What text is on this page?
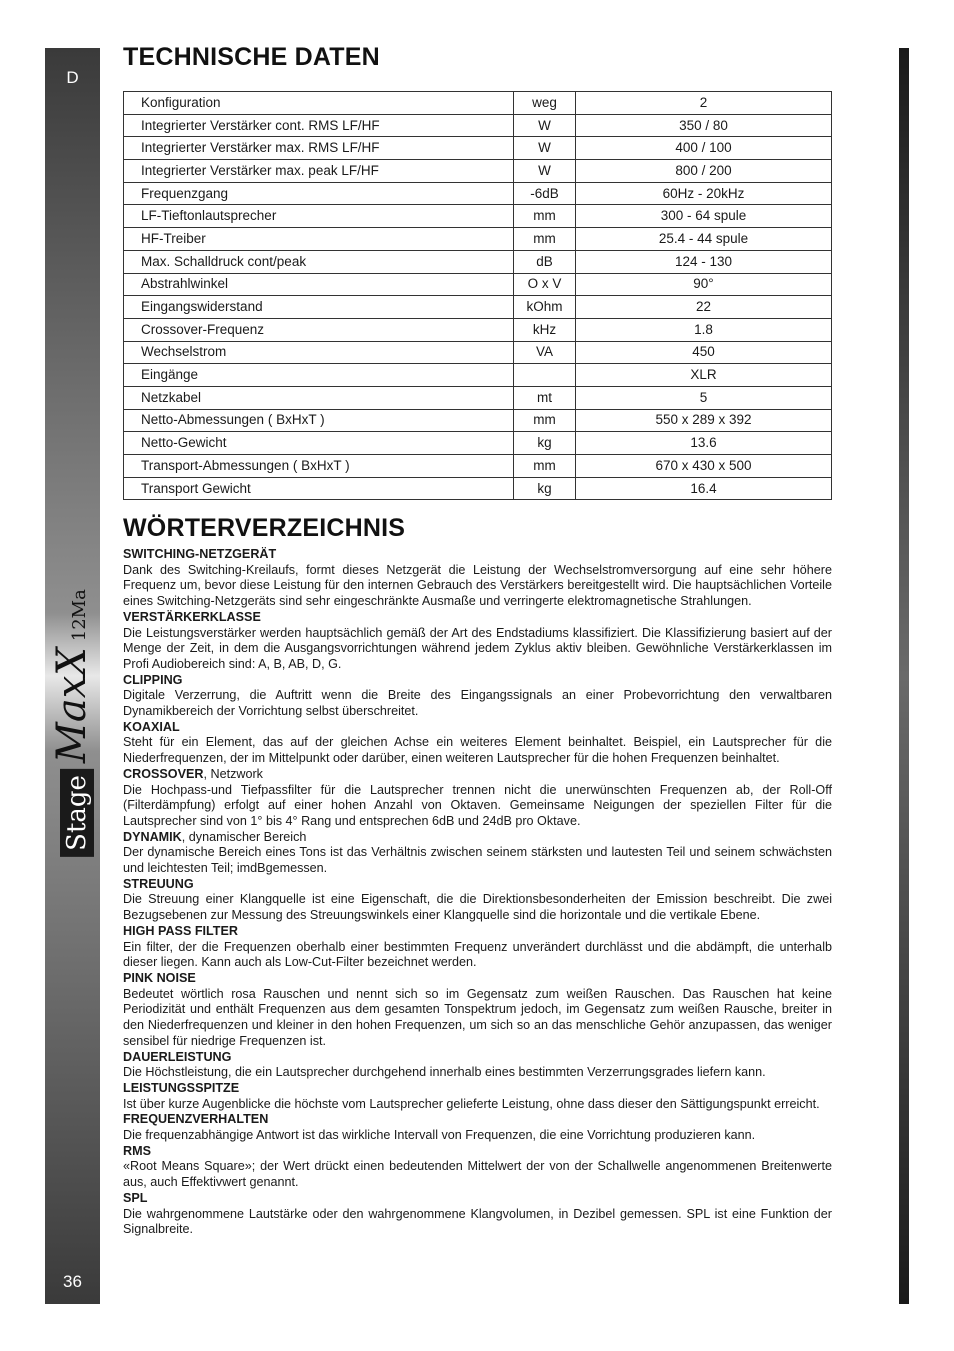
D
Stage
MaxX
12Ma
36
TECHNISCHE DATEN
Konfiguration	weg	2
Integrierter Verstärker cont. RMS LF/HF	W	350 / 80
Integrierter Verstärker max. RMS LF/HF	W	400 / 100
Integrierter Verstärker max. peak LF/HF	W	800 / 200
Frequenzgang	-6dB	60Hz - 20kHz
LF-Tieftonlautsprecher	mm	300 - 64 spule
HF-Treiber	mm	25.4 - 44 spule
Max. Schalldruck cont/peak	dB	124 - 130
Abstrahlwinkel	O x V	90°
Eingangswiderstand	kOhm	22
Crossover-Frequenz	kHz	1.8
Wechselstrom	VA	450
Eingänge		XLR
Netzkabel	mt	5
Netto-Abmessungen ( BxHxT )	mm	550 x 289 x 392
Netto-Gewicht	kg	13.6
Transport-Abmessungen ( BxHxT )	mm	670 x 430 x 500
Transport Gewicht	kg	16.4
WÖRTERVERZEICHNIS
SWITCHING-NETZGERÄT

Dank des Switching-Kreilaufs, formt dieses Netzgerät die Leistung der Wechselstromversorgung auf eine sehr höhere Frequenz um, bevor diese Leistung für den internen Gebrauch des Verstärkers bereitgestellt wird. Die hauptsächlichen Vorteile eines Switching-Netzgeräts sind sehr eingeschränkte Ausmaße und verringerte elektromagnetische Strahlungen.

VERSTÄRKERKLASSE

Die Leistungsverstärker werden hauptsächlich gemäß der Art des Endstadiums klassifiziert. Die Klassifizierung basiert auf der Menge der Zeit, in dem die Ausgangsvorrichtungen während jedem Zyklus aktiv bleiben. Gewöhnliche Verstärkerklassen im Profi Audiobereich sind: A, B, AB, D, G.

CLIPPING

Digitale Verzerrung, die Auftritt wenn die Breite des Eingangssignals an einer Probevorrichtung den verwaltbaren Dynamikbereich der Vorrichtung selbst überschreitet.

KOAXIAL

Steht für ein Element, das auf der gleichen Achse ein weiteres Element beinhaltet. Beispiel, ein Lautsprecher für die Niederfrequenzen, der im Mittelpunkt oder darüber, einen weiteren Lautsprecher für die hohen Frequenzen beinhaltet.

CROSSOVER, Netzwork

Die Hochpass-und Tiefpassfilter für die Lautsprecher trennen nicht die unerwünschten Frequenzen ab, der Roll-Off (Filterdämpfung) erfolgt auf einer hohen Anzahl von Oktaven. Gemeinsame Neigungen der speziellen Filter für die Lautsprecher sind von 1° bis 4° Rang und entsprechen 6dB und 24dB pro Oktave.

DYNAMIK, dynamischer Bereich

Der dynamische Bereich eines Tons ist das Verhältnis zwischen seinem stärksten und lautesten Teil und seinem schwächsten und leichtesten Teil; imdBgemessen.

STREUUNG

Die Streuung einer Klangquelle ist eine Eigenschaft, die die Direktionsbesonderheiten der Emission beschreibt. Die zwei Bezugsebenen zur Messung des Streuungswinkels einer Klangquelle sind die horizontale und die vertikale Ebene.

HIGH PASS FILTER

Ein filter, der die Frequenzen oberhalb einer bestimmten Frequenz unverändert durchlässt und die abdämpft, die unterhalb dieser liegen. Kann auch als Low-Cut-Filter bezeichnet werden.

PINK NOISE

Bedeutet wörtlich rosa Rauschen und nennt sich so im Gegensatz zum weißen Rauschen. Das Rauschen hat keine Periodizität und enthält Frequenzen aus dem gesamten Tonspektrum jedoch, im Gegensatz zum weißen Rausche, breiter in den Niederfrequenzen und kleiner in den hohen Frequenzen, um sich so an das menschliche Gehör anzupassen, das weniger sensibel für niedrige Frequenzen ist.

DAUERLEISTUNG

Die Höchstleistung, die ein Lautsprecher durchgehend innerhalb eines bestimmten Verzerrungsgrades liefern kann.

LEISTUNGSSPITZE

Ist über kurze Augenblicke die höchste vom Lautsprecher gelieferte Leistung, ohne dass dieser den Sättigungspunkt erreicht.

FREQUENZVERHALTEN

Die frequenzabhängige Antwort ist das wirkliche Intervall von Frequenzen, die eine Vorrichtung produzieren kann.

RMS

«Root Means Square»; der Wert drückt einen bedeutenden Mittelwert der von der Schallwelle angenommenen Breitenwerte aus, auch Effektivwert genannt.

SPL

Die wahrgenommene Lautstärke oder den wahrgenommene Klangvolumen, in Dezibel gemessen. SPL ist eine Funktion der Signalbreite.
